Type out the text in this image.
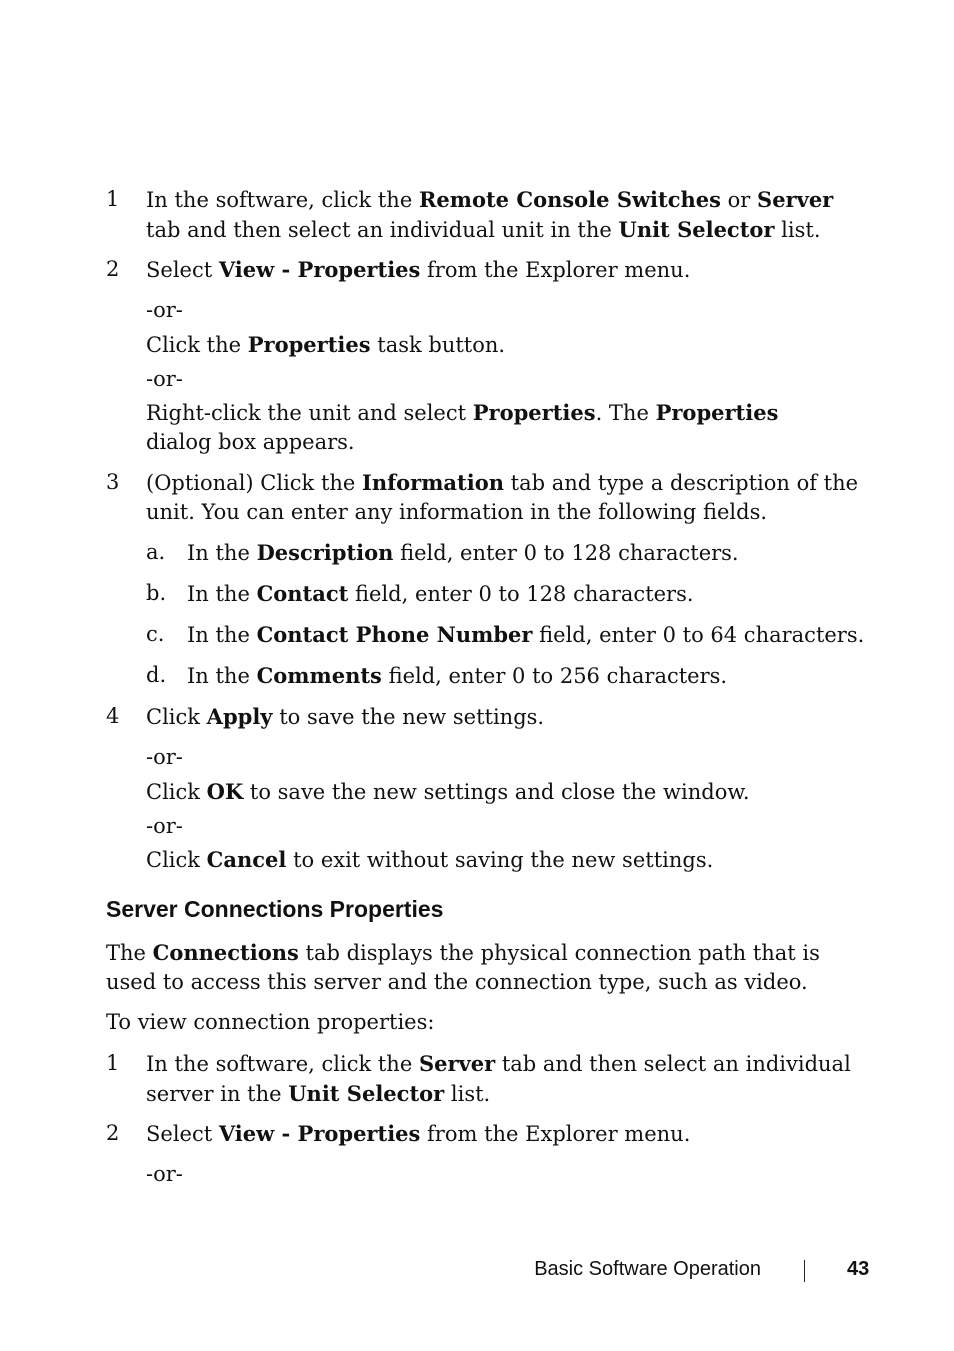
1	In the software, click the Remote Console Switches or Server tab and then select an individual unit in the Unit Selector list.
2	Select View - Properties from the Explorer menu.
-or-
Click the Properties task button.
-or-
Right-click the unit and select Properties. The Properties dialog box appears.
3	(Optional) Click the Information tab and type a description of the unit. You can enter any information in the following fields.
a.	In the Description field, enter 0 to 128 characters.
b. In the Contact field, enter 0 to 128 characters.
c.	In the Contact Phone Number field, enter 0 to 64 characters.
d. In the Comments field, enter 0 to 256 characters.
4	Click Apply to save the new settings.
-or-
Click OK to save the new settings and close the window.
-or-
Click Cancel to exit without saving the new settings.
Server Connections Properties
The Connections tab displays the physical connection path that is used to access this server and the connection type, such as video.
To view connection properties:
1	In the software, click the Server tab and then select an individual server in the Unit Selector list.
2	Select View - Properties from the Explorer menu.
-or-
Basic Software Operation	43
